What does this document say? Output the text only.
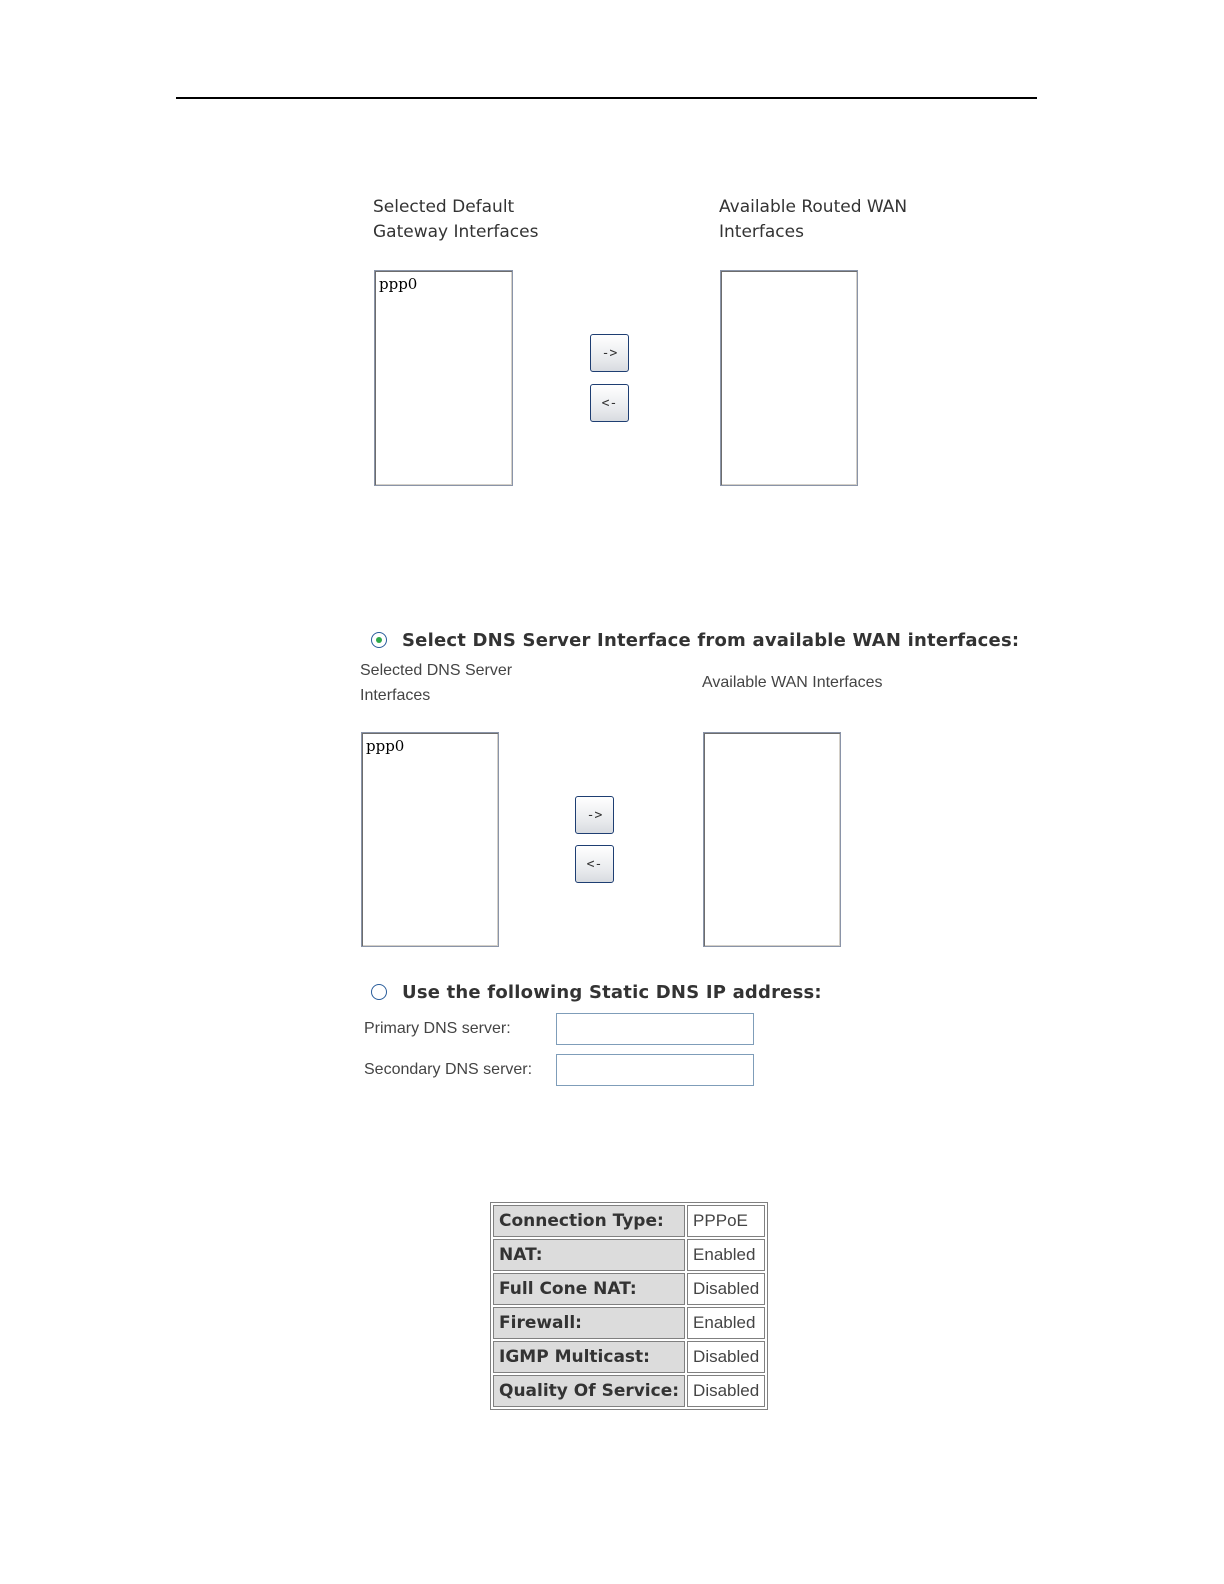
Selected Default
Gateway Interfaces
Available Routed WAN
Interfaces
ppp0
->
<-
Select DNS Server Interface from available WAN interfaces:
Selected DNS Server
Interfaces
Available WAN Interfaces
ppp0
->
<-
Use the following Static DNS IP address:
Primary DNS server:
Secondary DNS server:
Connection Type:	PPPoE
NAT:	Enabled
Full Cone NAT:	Disabled
Firewall:	Enabled
IGMP Multicast:	Disabled
Quality Of Service:	Disabled
